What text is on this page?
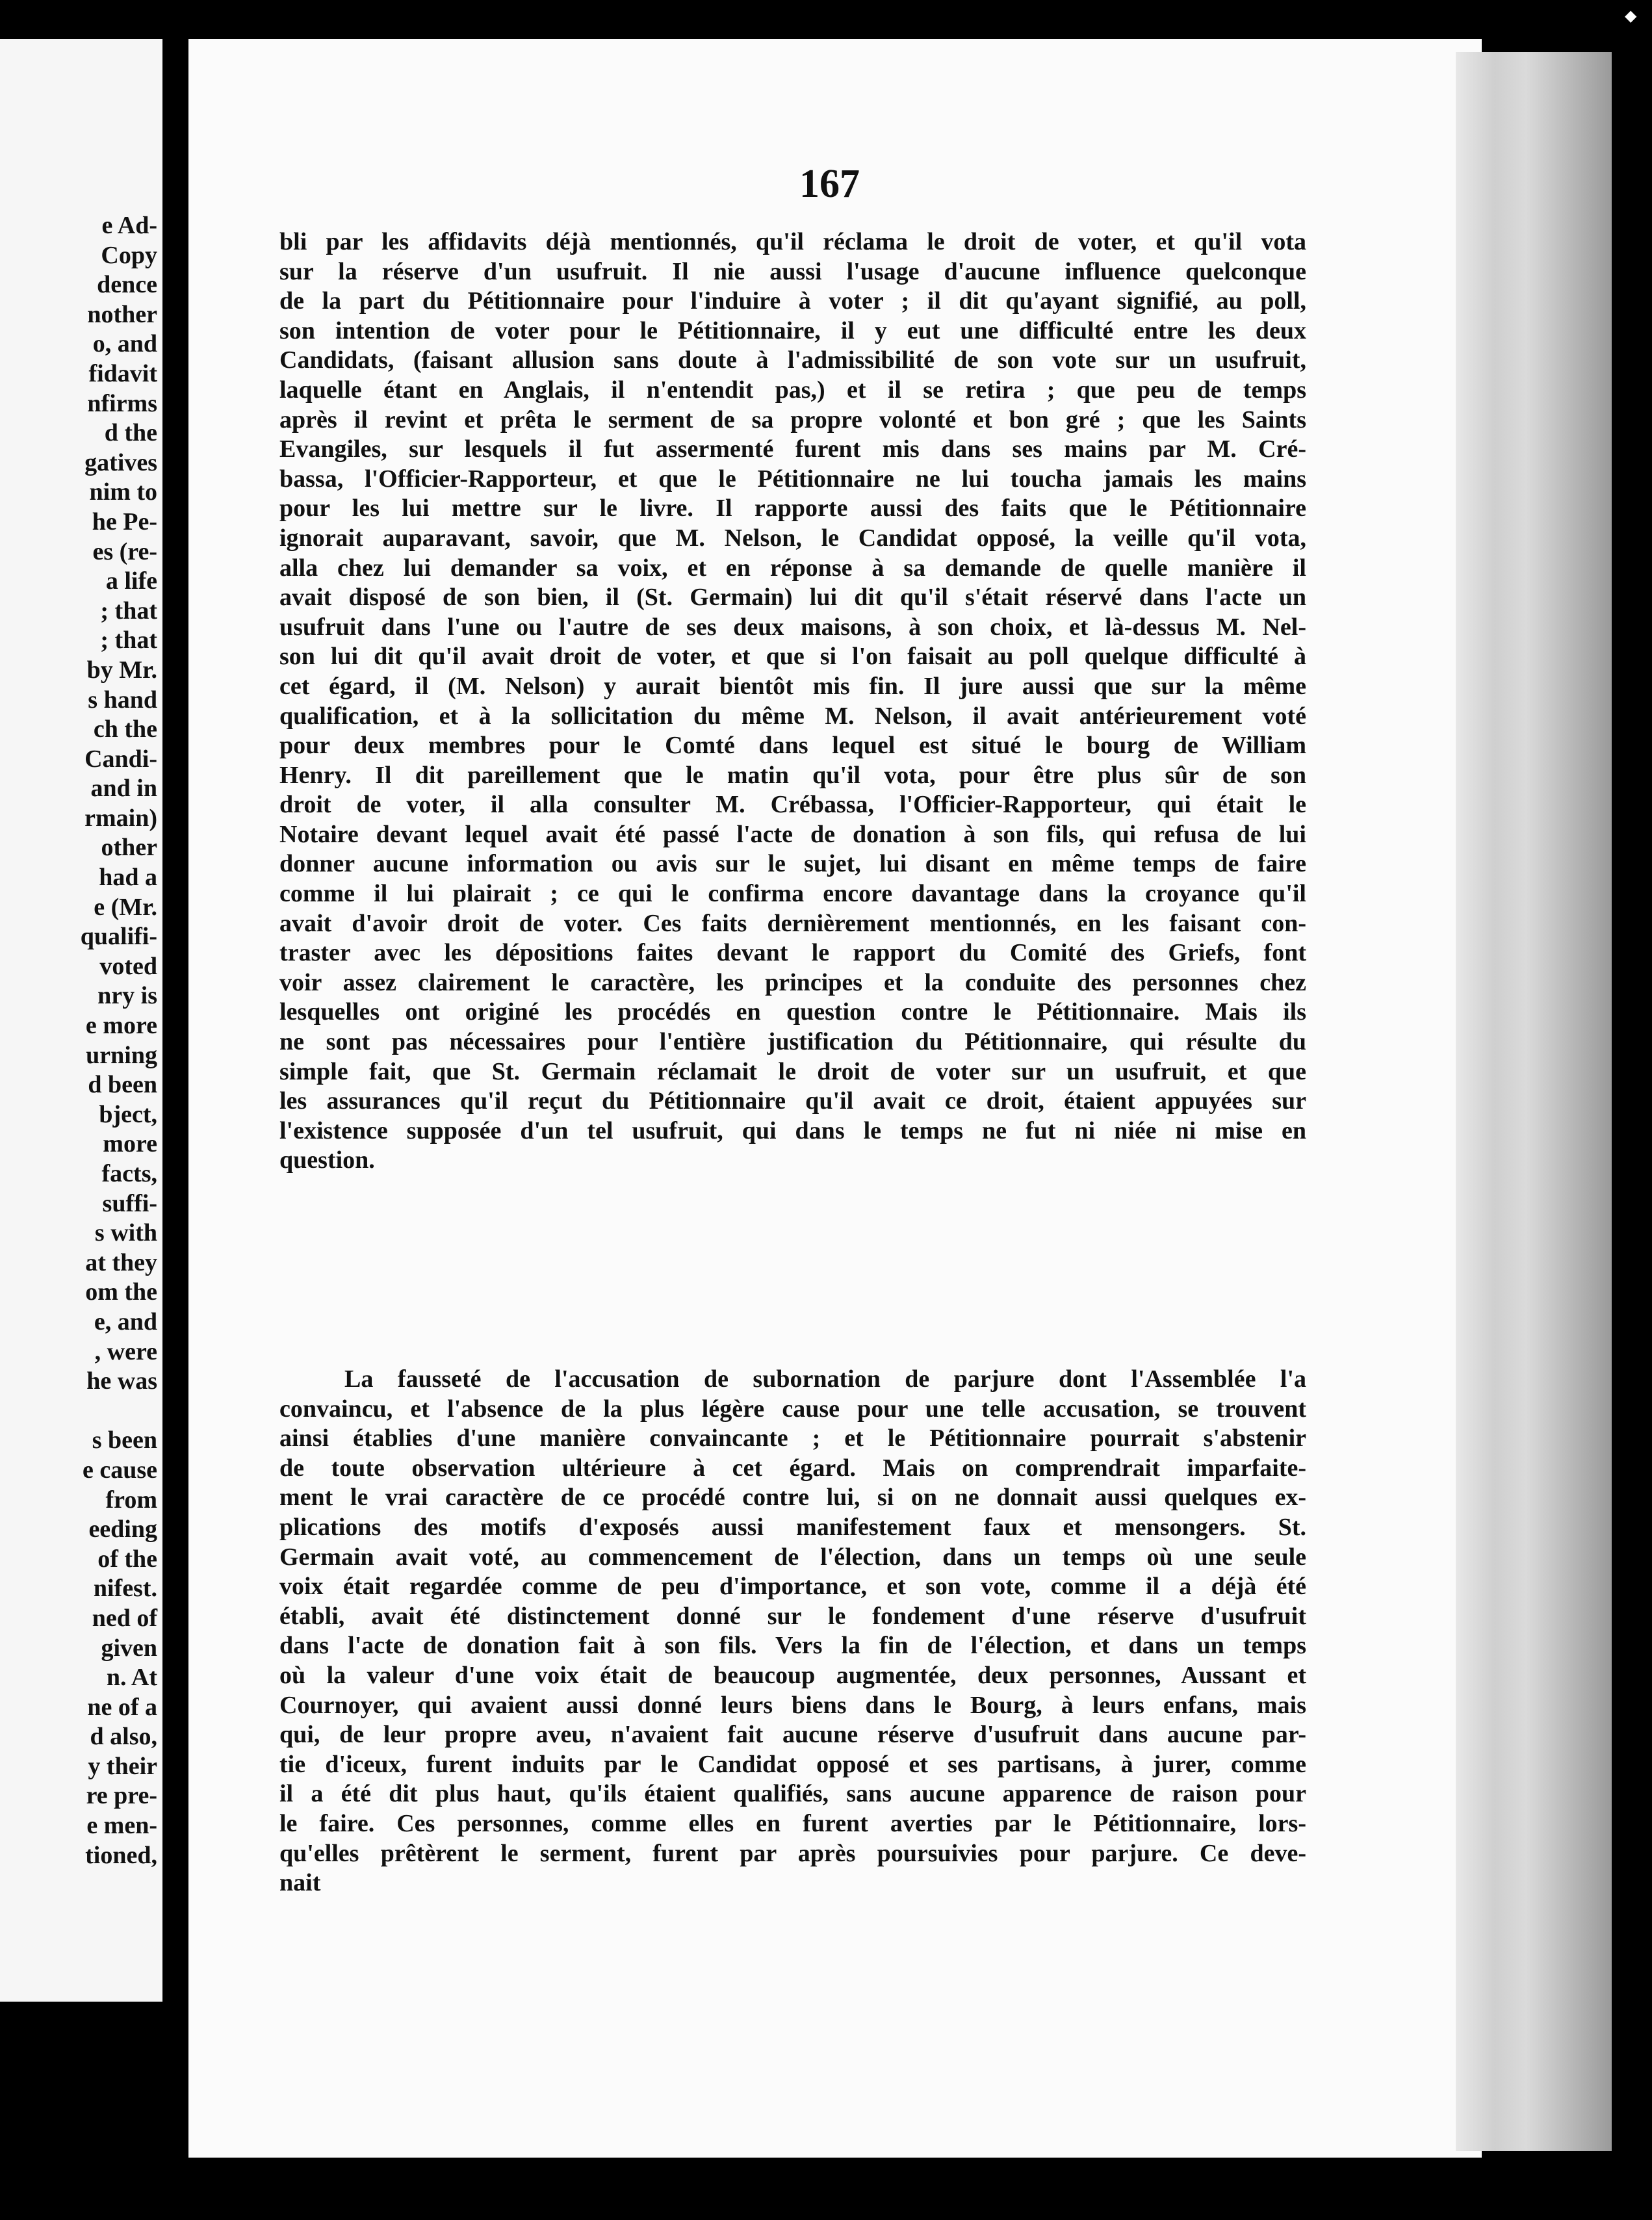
e Ad-
Copy
dence
nother
o, and
fidavit
nfirms
d the
gatives
nim to
he Pe-
es (re-
a life
; that
; that
by Mr.
s hand
ch the
Candi-
and in
rmain)
other
had a
e (Mr.
qualifi-
voted
nry is
e more
urning
d been
bject,
more
facts,
suffi-
s with
at they
om the
e, and
, were
he was

s been
e cause
from
eeding
of the
nifest.
ned of
given
n. At
ne of a
d also,
y their
re pre-
e men-
tioned,
167
bli par les affidavits déjà mentionnés, qu'il réclama le droit de voter, et qu'il vota
sur la réserve d'un usufruit. Il nie aussi l'usage d'aucune influence quelconque
de la part du Pétitionnaire pour l'induire à voter ; il dit qu'ayant signifié, au poll,
son intention de voter pour le Pétitionnaire, il y eut une difficulté entre les deux
Candidats, (faisant allusion sans doute à l'admissibilité de son vote sur un usufruit,
laquelle étant en Anglais, il n'entendit pas,) et il se retira ; que peu de temps
après il revint et prêta le serment de sa propre volonté et bon gré ; que les Saints
Evangiles, sur lesquels il fut assermenté furent mis dans ses mains par M. Cré-
bassa, l'Officier-Rapporteur, et que le Pétitionnaire ne lui toucha jamais les mains
pour les lui mettre sur le livre. Il rapporte aussi des faits que le Pétitionnaire
ignorait auparavant, savoir, que M. Nelson, le Candidat opposé, la veille qu'il vota,
alla chez lui demander sa voix, et en réponse à sa demande de quelle manière il
avait disposé de son bien, il (St. Germain) lui dit qu'il s'était réservé dans l'acte un
usufruit dans l'une ou l'autre de ses deux maisons, à son choix, et là-dessus M. Nel-
son lui dit qu'il avait droit de voter, et que si l'on faisait au poll quelque difficulté à
cet égard, il (M. Nelson) y aurait bientôt mis fin. Il jure aussi que sur la même
qualification, et à la sollicitation du même M. Nelson, il avait antérieurement voté
pour deux membres pour le Comté dans lequel est situé le bourg de William
Henry. Il dit pareillement que le matin qu'il vota, pour être plus sûr de son
droit de voter, il alla consulter M. Crébassa, l'Officier-Rapporteur, qui était le
Notaire devant lequel avait été passé l'acte de donation à son fils, qui refusa de lui
donner aucune information ou avis sur le sujet, lui disant en même temps de faire
comme il lui plairait ; ce qui le confirma encore davantage dans la croyance qu'il
avait d'avoir droit de voter. Ces faits dernièrement mentionnés, en les faisant con-
traster avec les dépositions faites devant le rapport du Comité des Griefs, font
voir assez clairement le caractère, les principes et la conduite des personnes chez
lesquelles ont originé les procédés en question contre le Pétitionnaire. Mais ils
ne sont pas nécessaires pour l'entière justification du Pétitionnaire, qui résulte du
simple fait, que St. Germain réclamait le droit de voter sur un usufruit, et que
les assurances qu'il reçut du Pétitionnaire qu'il avait ce droit, étaient appuyées sur
l'existence supposée d'un tel usufruit, qui dans le temps ne fut ni niée ni mise en
question.
La fausseté de l'accusation de subornation de parjure dont l'Assemblée l'a
convaincu, et l'absence de la plus légère cause pour une telle accusation, se trouvent
ainsi établies d'une manière convaincante ; et le Pétitionnaire pourrait s'abstenir
de toute observation ultérieure à cet égard. Mais on comprendrait imparfaite-
ment le vrai caractère de ce procédé contre lui, si on ne donnait aussi quelques ex-
plications des motifs d'exposés aussi manifestement faux et mensongers. St.
Germain avait voté, au commencement de l'élection, dans un temps où une seule
voix était regardée comme de peu d'importance, et son vote, comme il a déjà été
établi, avait été distinctement donné sur le fondement d'une réserve d'usufruit
dans l'acte de donation fait à son fils. Vers la fin de l'élection, et dans un temps
où la valeur d'une voix était de beaucoup augmentée, deux personnes, Aussant et
Cournoyer, qui avaient aussi donné leurs biens dans le Bourg, à leurs enfans, mais
qui, de leur propre aveu, n'avaient fait aucune réserve d'usufruit dans aucune par-
tie d'iceux, furent induits par le Candidat opposé et ses partisans, à jurer, comme
il a été dit plus haut, qu'ils étaient qualifiés, sans aucune apparence de raison pour
le faire. Ces personnes, comme elles en furent averties par le Pétitionnaire, lors-
qu'elles prêtèrent le serment, furent par après poursuivies pour parjure. Ce deve-
nait
◆
